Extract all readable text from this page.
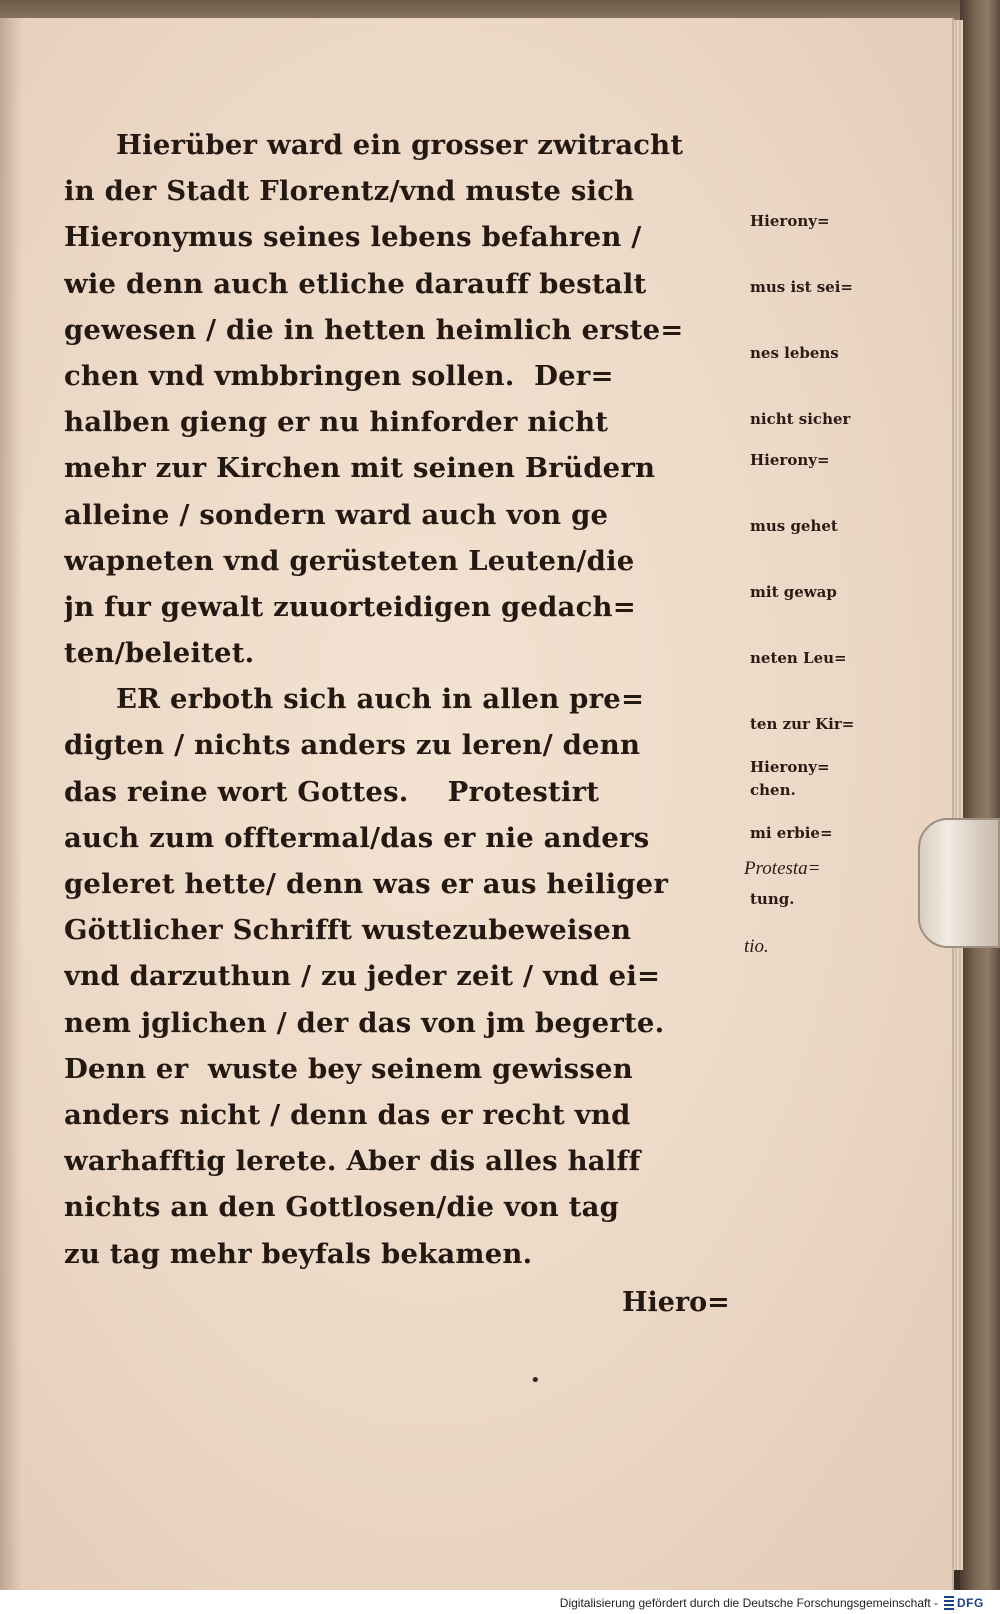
Hierüber ward ein grosser zwitracht
in der Stadt Florentz/vnd muste sich
Hieronymus seines lebens befahren /
wie denn auch etliche darauff bestalt
gewesen / die in hetten heimlich erste=
chen vnd vmbbringen sollen.  Der=
halben gieng er nu hinforder nicht
mehr zur Kirchen mit seinen Brüdern
alleine / sondern ward auch von ge
wapneten vnd gerüsteten Leuten/die
jn fur gewalt zuuorteidigen gedach=
ten/beleitet.
ER erboth sich auch in allen pre=
digten / nichts anders zu leren/ denn
das reine wort Gottes.    Protestirt
auch zum offtermal/das er nie anders
geleret hette/ denn was er aus heiliger
Göttlicher Schrifft wustezubeweisen
vnd darzuthun / zu jeder zeit / vnd ei=
nem jglichen / der das von jm begerte.
Denn er  wuste bey seinem gewissen
anders nicht / denn das er recht vnd
warhafftig lerete. Aber dis alles halff
nichts an den Gottlosen/die von tag
zu tag mehr beyfals bekamen.

Hierony=

mus ist sei=

nes lebens

nicht sicher

Hierony=

mus gehet

mit gewap

neten Leu=

ten zur Kir=

chen.

Hierony=

mi erbie=

tung.

Protesta=

tio.

Hiero=
•
Digitalisierung gefördert durch die Deutsche Forschungsgemeinschaft - DFG
